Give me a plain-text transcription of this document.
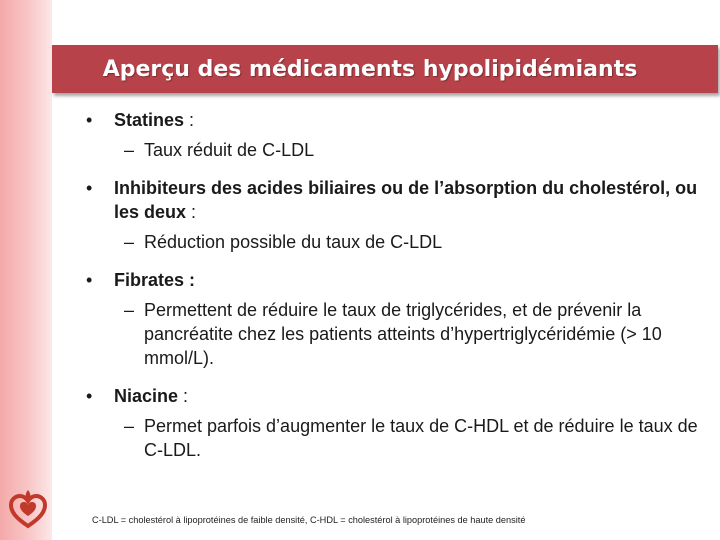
Aperçu des médicaments hypolipidémiants

• Statines :

– Taux réduit de C-LDL

• Inhibiteurs des acides biliaires ou de l’absorption du cholestérol, ou les deux :

– Réduction possible du taux de C-LDL

• Fibrates :

– Permettent de réduire le taux de triglycérides, et de prévenir la pancréatite chez les patients atteints d’hypertriglycéridémie (> 10 mmol/L).

• Niacine :

– Permet parfois d’augmenter le taux de C-HDL et de réduire le taux de C-LDL.

C-LDL = cholestérol à lipoprotéines de faible densité, C-HDL = cholestérol à lipoprotéines de haute densité
